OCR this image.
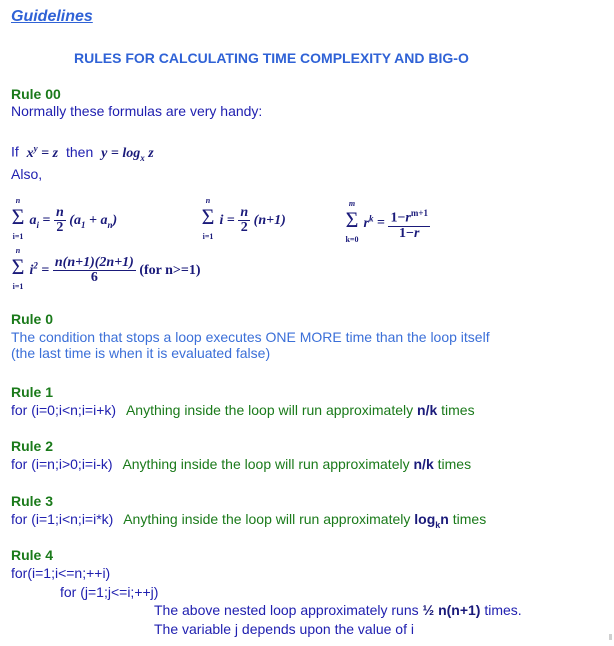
Guidelines
RULES FOR CALCULATING TIME COMPLEXITY AND BIG-O
Rule 00
Normally these formulas are very handy:
If $x^y = z$ then $y = \log_x z$
Also,
n
Σ
i=1
$a_i = \frac{n}{2} (a_1 + a_n)$
n
Σ
i=1
$i = \frac{n}{2} (n+1)$
m
Σ
k=0
$r^k = \frac{1-r^{m+1}}{1-r}$
n
Σ
i=1
$i^2 = \frac{n(n+1)(2n+1)}{6} (for$ n>=1)
Rule 0
The condition that stops a loop executes ONE MORE time than the loop itself
(the last time is when it is evaluated false)
Rule 1
for (i=0;i<n;i=i+k) Anything inside the loop will run approximately n/k times
Rule 2
for (i=n;i>0;i=i-k) Anything inside the loop will run approximately n/k times
Rule 3
for (i=1;i<n;i=i*k) Anything inside the loop will run approximately $\log_kn$ times
Rule 4
for(i=1;i<=n;++i)
for (j=1;j<=i;++j)
The above nested loop approximately runs ½ n(n+1) times.
The variable j depends upon the value of i
